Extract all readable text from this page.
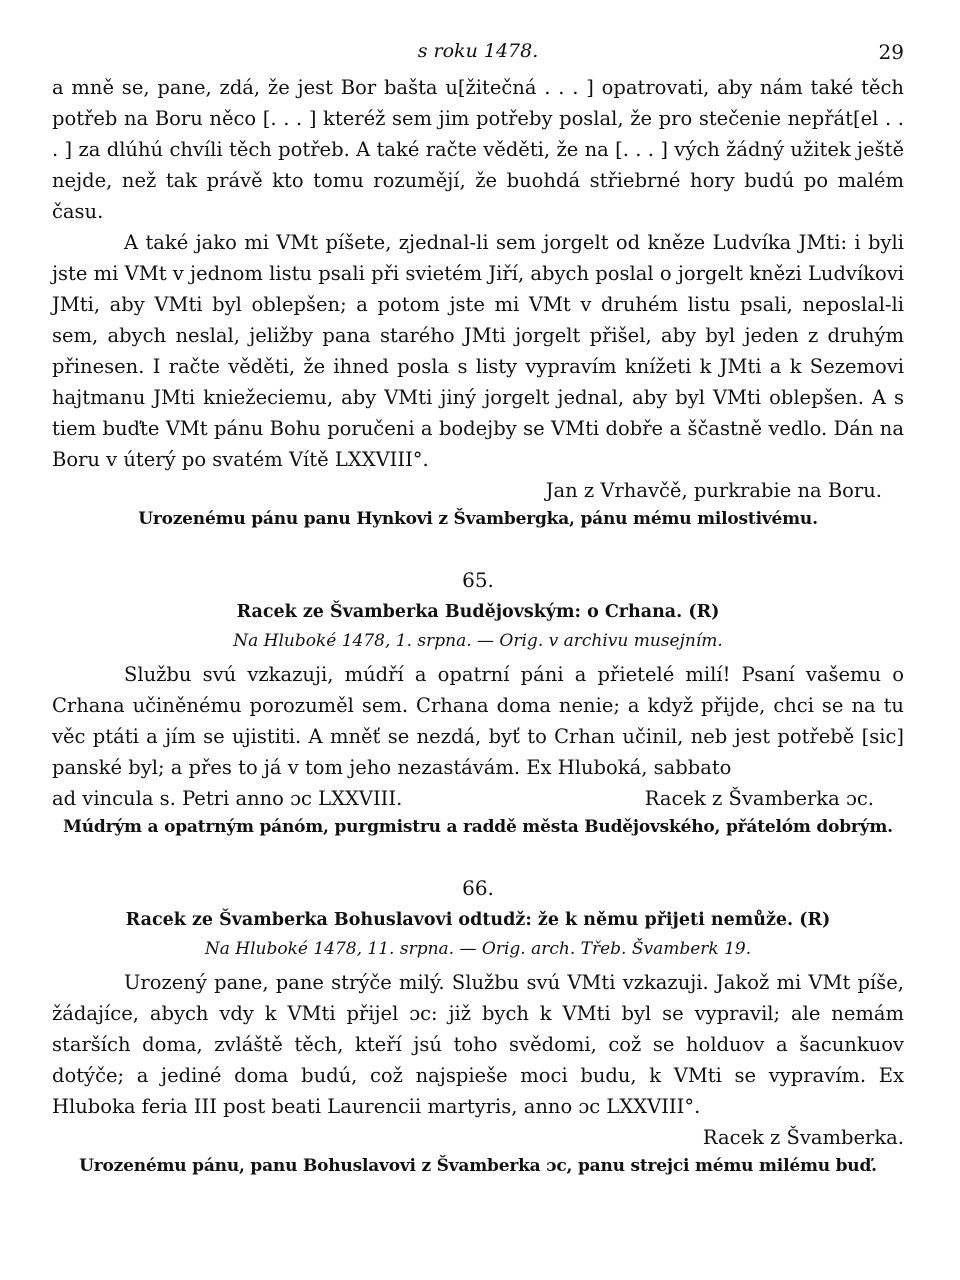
s roku 1478.	29

a mně se, pane, zdá, že jest Bor bašta u[žitečná . . . ] opatrovati, aby nám také těch potřeb na Boru něco [. . . ] kteréž sem jim potřeby poslal, že pro stečenie nepřát[el . . . ] za dlúhú chvíli těch potřeb. A také račte věděti, že na [. . . ] vých žádný užitek ještě nejde, než tak právě kto tomu rozumějí, že buohdá střiebrné hory budú po malém času.

A také jako mi VMt píšete, zjednal-li sem jorgelt od kněze Ludvíka JMti: i byli jste mi VMt v jednom listu psali při svietém Jiří, abych poslal o jorgelt knězi Ludvíkovi JMti, aby VMti byl oblepšen; a potom jste mi VMt v druhém listu psali, neposlal-li sem, abych neslal, jeližby pana starého JMti jorgelt přišel, aby byl jeden z druhým přinesen. I račte věděti, že ihned posla s listy vypravím knížeti k JMti a k Sezemovi hajtmanu JMti kniežeciemu, aby VMti jiný jorgelt jednal, aby byl VMti oblepšen. A s tiem buďte VMt pánu Bohu poručeni a bodejby se VMti dobře a ščastně vedlo. Dán na Boru v úterý po svatém Vítě LXXVIII°.

Jan z Vrhavčě, purkrabie na Boru.

Urozenému pánu panu Hynkovi z Švambergka, pánu mému milostivému.

65.
Racek ze Švamberka Budějovským: o Crhana. (R)
Na Hluboké 1478, 1. srpna. — Orig. v archivu musejním.

Službu svú vzkazuji, múdří a opatrní páni a přietelé milí! Psaní vašemu o Crhana učiněnému porozuměl sem. Crhana doma nenie; a když přijde, chci se na tu věc ptáti a jím se ujistiti. A mněť se nezdá, byť to Crhan učinil, neb jest potřebě [sic] panské byl; a přes to já v tom jeho nezastávám. Ex Hluboká, sabbato

ad vincula s. Petri anno ɔc LXXVIII.	Racek z Švamberka ɔc.

Múdrým a opatrným pánóm, purgmistru a raddě města Budějovského, přátelóm dobrým.

66.
Racek ze Švamberka Bohuslavovi odtudž: že k němu přijeti nemůže. (R)
Na Hluboké 1478, 11. srpna. — Orig. arch. Třeb. Švamberk 19.

Urozený pane, pane strýče milý. Službu svú VMti vzkazuji. Jakož mi VMt píše, žádajíce, abych vdy k VMti přijel ɔc: již bych k VMti byl se vypravil; ale nemám starších doma, zvláště těch, kteří jsú toho svědomi, což se holduov a šacunkuov dotýče; a jediné doma budú, což najspieše moci budu, k VMti se vypravím. Ex Hluboka feria III post beati Laurencii martyris, anno ɔc LXXVIII°.

Racek z Švamberka.

Urozenému pánu, panu Bohuslavovi z Švamberka ɔc, panu strejci mému milému buď.
